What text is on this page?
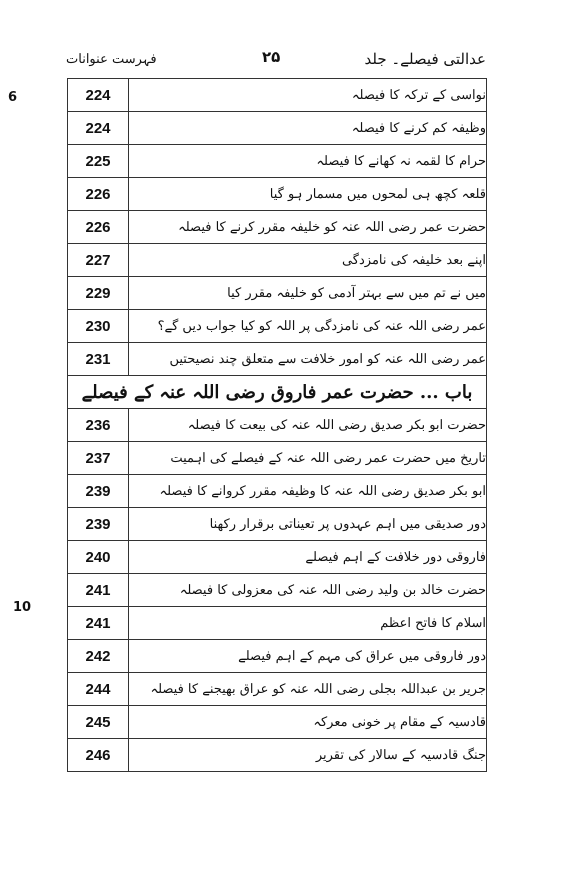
عدالتی فیصلے۔ جلد
۲۵
فہرست عنوانات
6
10
224	نواسی کے ترکہ کا فیصلہ
224	وظیفہ کم کرنے کا فیصلہ
225	حرام کا لقمہ نہ کھانے کا فیصلہ
226	قلعہ کچھ ہی لمحوں میں مسمار ہو گیا
226	حضرت عمر رضی اللہ عنہ کو خلیفہ مقرر کرنے کا فیصلہ
227	اپنے بعد خلیفہ کی نامزدگی
229	میں نے تم میں سے بہتر آدمی کو خلیفہ مقرر کیا
230	عمر رضی اللہ عنہ کی نامزدگی پر اللہ کو کیا جواب دیں گے؟
231	عمر رضی اللہ عنہ کو امور خلافت سے متعلق چند نصیحتیں
باب ... حضرت عمر فاروق رضی اللہ عنہ کے فیصلے	
236	حضرت ابو بکر صدیق رضی اللہ عنہ کی بیعت کا فیصلہ
237	تاریخ میں حضرت عمر رضی اللہ عنہ کے فیصلے کی اہمیت
239	ابو بکر صدیق رضی اللہ عنہ کا وظیفہ مقرر کروانے کا فیصلہ
239	دور صدیقی میں اہم عہدوں پر تعیناتی برقرار رکھنا
240	فاروقی دور خلافت کے اہم فیصلے
241	حضرت خالد بن ولید رضی اللہ عنہ کی معزولی کا فیصلہ
241	اسلام کا فاتح اعظم
242	دور فاروقی میں عراق کی مہم کے اہم فیصلے
244	جریر بن عبداللہ بجلی رضی اللہ عنہ کو عراق بھیجنے کا فیصلہ
245	قادسیہ کے مقام پر خونی معرکہ
246	جنگ قادسیہ کے سالار کی تقریر
